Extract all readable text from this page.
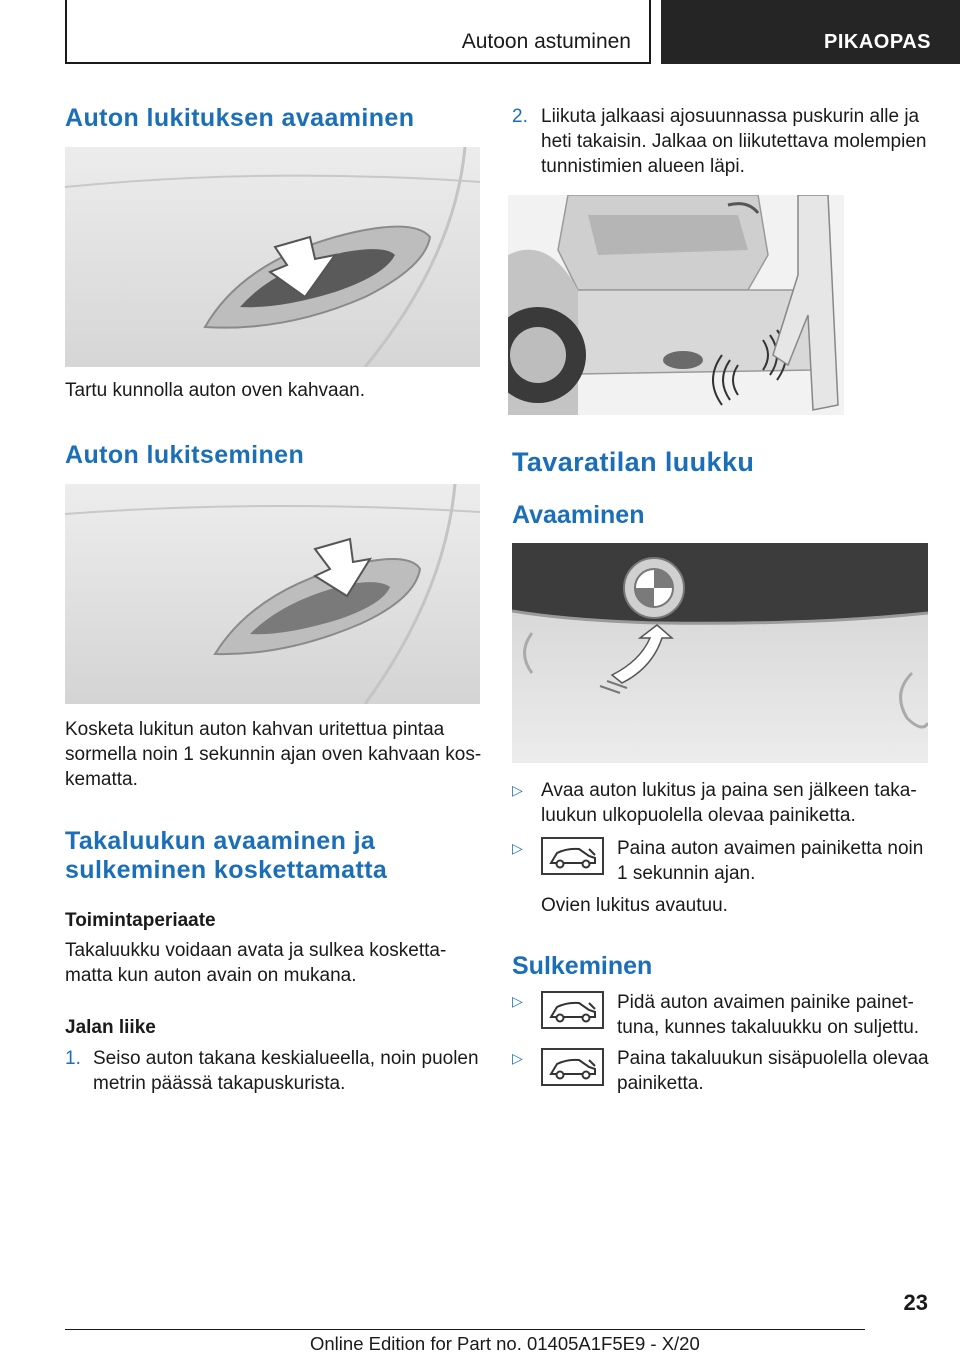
Autoon astuminen	PIKAOPAS
Auton lukituksen avaaminen
Tartu kunnolla auton oven kahvaan.
Auton lukitseminen
Kosketa lukitun auton kahvan uritettua pintaa
sormella noin 1 sekunnin ajan oven kahvaan kos-
kematta.
Takaluukun avaaminen ja
sulkeminen koskettamatta
Toimintaperiaate
Takaluukku voidaan avata ja sulkea kosketta-
matta kun auton avain on mukana.
Jalan liike
1. Seiso auton takana keskialueella, noin puolen
metrin päässä takapuskurista.
2. Liikuta jalkaasi ajosuunnassa puskurin alle ja
heti takaisin. Jalkaa on liikutettava molempien
tunnistimien alueen läpi.
Tavaratilan luukku
Avaaminen
▷ Avaa auton lukitus ja paina sen jälkeen taka-
luukun ulkopuolella olevaa painiketta.
▷	Paina auton avaimen painiketta noin
1 sekunnin ajan.
Ovien lukitus avautuu.
Sulkeminen
▷	Pidä auton avaimen painike painet-
tuna, kunnes takaluukku on suljettu.
▷	Paina takaluukun sisäpuolella olevaa
painiketta.
23
Online Edition for Part no. 01405A1F5E9 - X/20
